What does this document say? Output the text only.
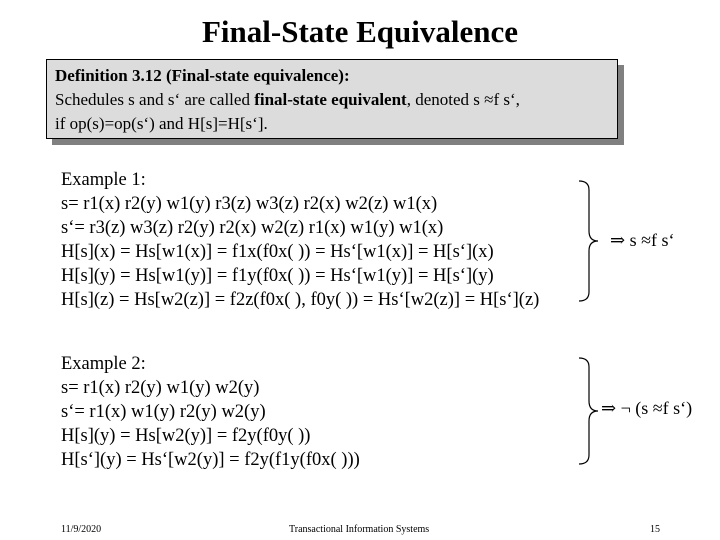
Final-State Equivalence
Definition 3.12 (Final-state equivalence):
Schedules s and s‘ are called final-state equivalent, denoted s ≈f s‘,
if op(s)=op(s‘) and H[s]=H[s‘].
Example 1:
s= r1(x) r2(y) w1(y) r3(z) w3(z) r2(x) w2(z) w1(x)
s‘= r3(z) w3(z) r2(y) r2(x) w2(z) r1(x) w1(y) w1(x)
H[s](x) = Hs[w1(x)] = f1x(f0x( )) = Hs‘[w1(x)] = H[s‘](x)
H[s](y) = Hs[w1(y)] = f1y(f0x( )) = Hs‘[w1(y)] = H[s‘](y)
H[s](z) = Hs[w2(z)] = f2z(f0x( ), f0y( )) = Hs‘[w2(z)] = H[s‘](z)
⇒ s ≈f s‘
Example 2:
s= r1(x) r2(y) w1(y) w2(y)
s‘= r1(x) w1(y) r2(y) w2(y)
H[s](y) = Hs[w2(y)] = f2y(f0y( ))
H[s‘](y) = Hs‘[w2(y)] = f2y(f1y(f0x( )))
⇒ ¬ (s ≈f s‘)
11/9/2020	Transactional Information Systems	15
